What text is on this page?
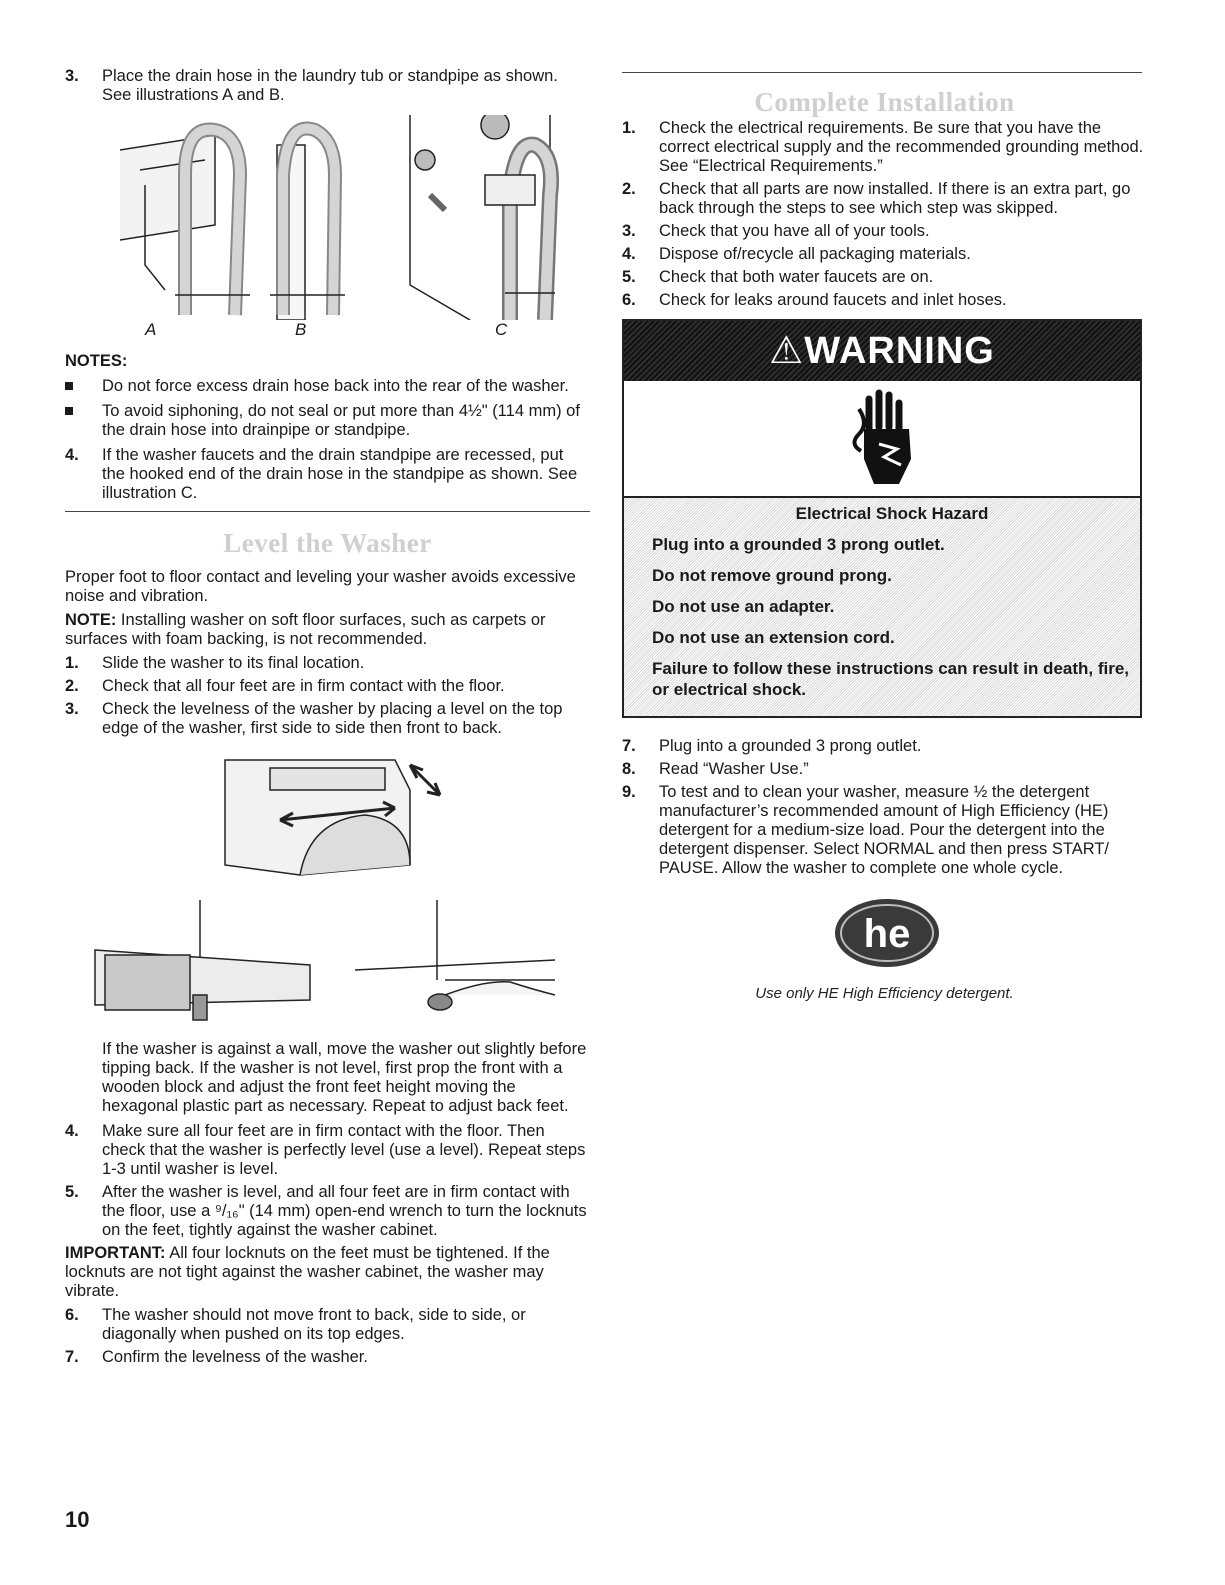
3.	Place the drain hose in the laundry tub or standpipe as shown. See illustrations A and B.
A	B	C
NOTES:
Do not force excess drain hose back into the rear of the washer.
To avoid siphoning, do not seal or put more than 4½" (114 mm) of the drain hose into drainpipe or standpipe.
4.	If the washer faucets and the drain standpipe are recessed, put the hooked end of the drain hose in the standpipe as shown. See illustration C.
Level the Washer
Proper foot to floor contact and leveling your washer avoids excessive noise and vibration.
NOTE: Installing washer on soft floor surfaces, such as carpets or surfaces with foam backing, is not recommended.
1.	Slide the washer to its final location.
2.	Check that all four feet are in firm contact with the floor.
3.	Check the levelness of the washer by placing a level on the top edge of the washer, first side to side then front to back.
If the washer is against a wall, move the washer out slightly before tipping back. If the washer is not level, first prop the front with a wooden block and adjust the front feet height moving the hexagonal plastic part as necessary. Repeat to adjust back feet.
4.	Make sure all four feet are in firm contact with the floor. Then check that the washer is perfectly level (use a level). Repeat steps 1-3 until washer is level.
5.	After the washer is level, and all four feet are in firm contact with the floor, use a ⁹/₁₆" (14 mm) open-end wrench to turn the locknuts on the feet, tightly against the washer cabinet.
IMPORTANT: All four locknuts on the feet must be tightened. If the locknuts are not tight against the washer cabinet, the washer may vibrate.
6.	The washer should not move front to back, side to side, or diagonally when pushed on its top edges.
7.	Confirm the levelness of the washer.
Complete Installation
1.	Check the electrical requirements. Be sure that you have the correct electrical supply and the recommended grounding method. See “Electrical Requirements.”
2.	Check that all parts are now installed. If there is an extra part, go back through the steps to see which step was skipped.
3.	Check that you have all of your tools.
4.	Dispose of/recycle all packaging materials.
5.	Check that both water faucets are on.
6.	Check for leaks around faucets and inlet hoses.
⚠WARNING
Electrical Shock Hazard
Plug into a grounded 3 prong outlet.
Do not remove ground prong.
Do not use an adapter.
Do not use an extension cord.
Failure to follow these instructions can result in death, fire, or electrical shock.
7.	Plug into a grounded 3 prong outlet.
8.	Read “Washer Use.”
9.	To test and to clean your washer, measure ½ the detergent manufacturer’s recommended amount of High Efficiency (HE) detergent for a medium-size load. Pour the detergent into the detergent dispenser. Select NORMAL and then press START/ PAUSE. Allow the washer to complete one whole cycle.
he
Use only HE High Efficiency detergent.
10
